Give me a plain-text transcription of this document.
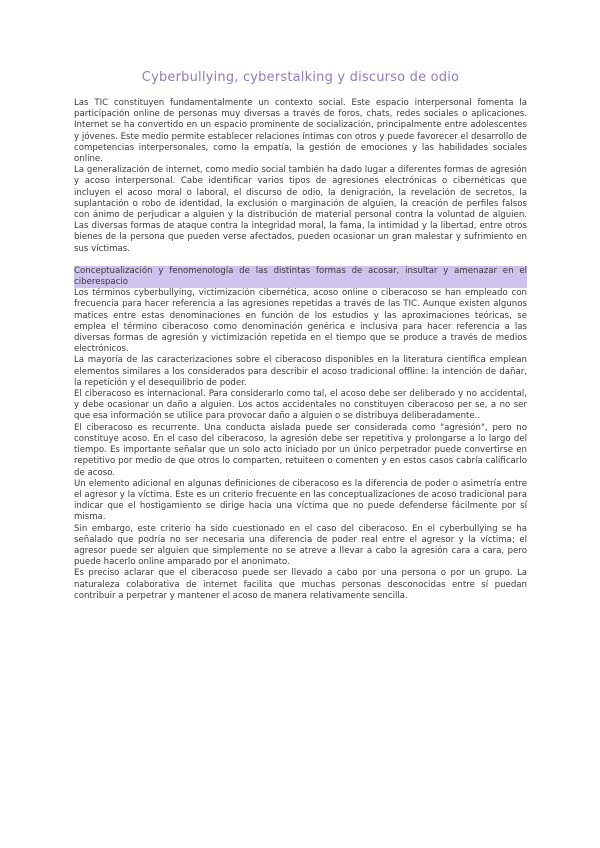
Cyberbullying, cyberstalking y discurso de odio

Las TIC constituyen fundamentalmente un contexto social. Este espacio interpersonal fomenta la participación online de personas muy diversas a través de foros, chats, redes sociales o aplicaciones. Internet se ha convertido en un espacio prominente de socialización, principalmente entre adolescentes y jóvenes. Este medio permite establecer relaciones íntimas con otros y puede favorecer el desarrollo de competencias interpersonales, como la empatía, la gestión de emociones y las habilidades sociales online.

La generalización de internet, como medio social también ha dado lugar a diferentes formas de agresión y acoso interpersonal. Cabe identificar varios tipos de agresiones electrónicas o cibernéticas que incluyen el acoso moral o laboral, el discurso de odio, la denigración, la revelación de secretos, la suplantación o robo de identidad, la exclusión o marginación de alguien, la creación de perfiles falsos con ánimo de perjudicar a alguien y la distribución de material personal contra la voluntad de alguien. Las diversas formas de ataque contra la integridad moral, la fama, la intimidad y la libertad, entre otros bienes de la persona que pueden verse afectados, pueden ocasionar un gran malestar y sufrimiento en sus víctimas.

Conceptualización y fenomenología de las distintas formas de acosar, insultar y amenazar en el ciberespacio

Los términos cyberbullying, victimización cibernética, acoso online o ciberacoso se han empleado con frecuencia para hacer referencia a las agresiones repetidas a través de las TIC. Aunque existen algunos matices entre estas denominaciones en función de los estudios y las aproximaciones teóricas, se emplea el término ciberacoso como denominación genérica e inclusiva para hacer referencia a las diversas formas de agresión y victimización repetida en el tiempo que se produce a través de medios electrónicos.

La mayoría de las caracterizaciones sobre el ciberacoso disponibles en la literatura científica emplean elementos similares a los considerados para describir el acoso tradicional offline: la intención de dañar, la repetición y el desequilibrio de poder.

El ciberacoso es internacional. Para considerarlo como tal, el acoso debe ser deliberado y no accidental, y debe ocasionar un daño a alguien. Los actos accidentales no constituyen ciberacoso per se, a no ser que esa información se utilice para provocar daño a alguien o se distribuya deliberadamente..

El ciberacoso es recurrente. Una conducta aislada puede ser considerada como "agresión", pero no constituye acoso. En el caso del ciberacoso, la agresión debe ser repetitiva y prolongarse a lo largo del tiempo. Es importante señalar que un solo acto iniciado por un único perpetrador puede convertirse en repetitivo por medio de que otros lo comparten, retuiteen o comenten y en estos casos cabría calificarlo de acoso.

Un elemento adicional en algunas definiciones de ciberacoso es la diferencia de poder o asimetría entre el agresor y la víctima. Este es un criterio frecuente en las conceptualizaciones de acoso tradicional para indicar que el hostigamiento se dirige hacia una víctima que no puede defenderse fácilmente por sí misma.

Sin embargo, este criterio ha sido cuestionado en el caso del ciberacoso. En el cyberbullying se ha señalado que podría no ser necesaria una diferencia de poder real entre el agresor y la víctima; el agresor puede ser alguien que simplemente no se atreve a llevar a cabo la agresión cara a cara, pero puede hacerlo online amparado por el anonimato.

Es preciso aclarar que el ciberacoso puede ser llevado a cabo por una persona o por un grupo. La naturaleza colaborativa de internet facilita que muchas personas desconocidas entre sí puedan contribuir a perpetrar y mantener el acoso de manera relativamente sencilla.
